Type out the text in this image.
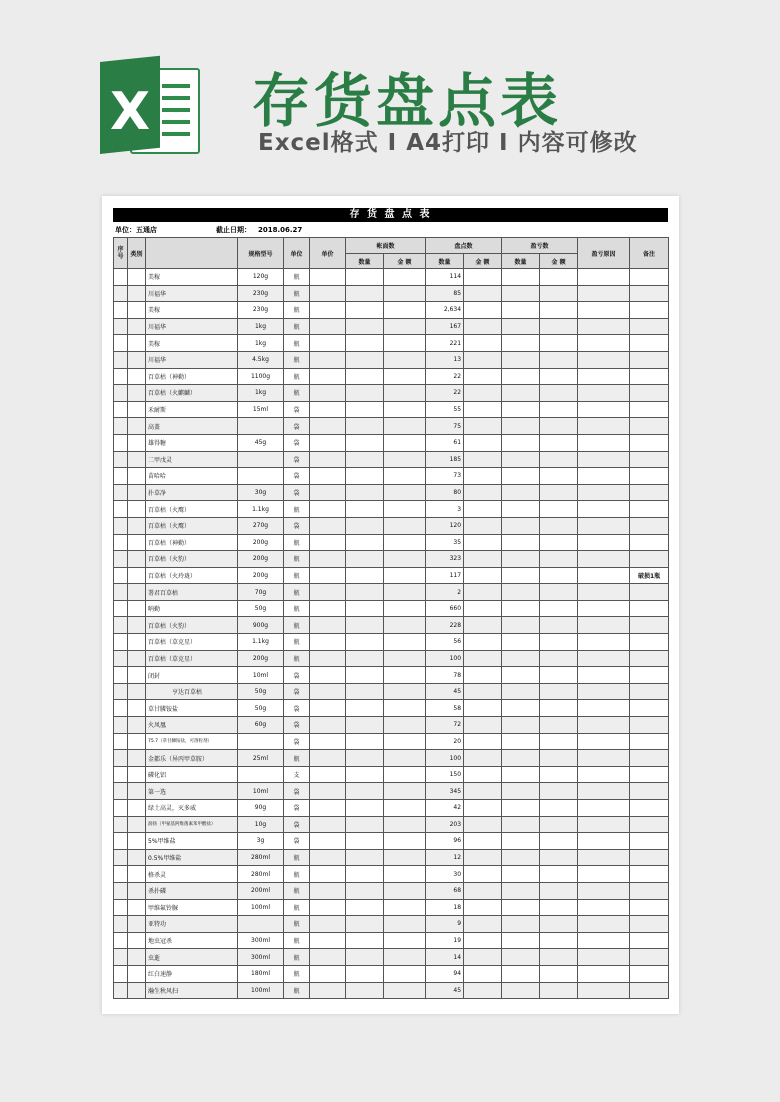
X 存货盘点表
Excel格式 I A4打印 I 内容可修改
存 货 盘 点 表
单位：五通店	截止日期： 2018.06.27
序号	类别		规格型号	单位	单价	帐面数		盘点数		盈亏数		盈亏原因	备注
						数量	金 额	数量	金 额	数量	金 额		
		美稼	120g	瓶				114					
		川福华	230g	瓶				85					
		美稼	230g	瓶				2,634					
		川福华	1kg	瓶				167					
		美稼	1kg	瓶				221					
		川福华	4.5kg	瓶				13					
		百草枯（神勤）	1100g	瓶				22					
		百草枯（火麒麟）	1kg	瓶				22					
		禾耐斯	15ml	袋				55					
		高盖		袋				75					
		雄得糖	45g	袋				61					
		二甲戊灵		袋				185					
		苗哈哈		袋				73					
		扑草净	30g	袋				80					
		百草枯（火鹰）	1.1kg	瓶				3					
		百草枯（火鹰）	270g	袋				120					
		百草枯（神勤）	200g	瓶				35					
		百草枯（火豹）	200g	瓶				323					
		百草枯（火玲珑）	200g	瓶				117					破损1瓶
		署君百草枯	70g	瓶				2					
		呐勤	50g	瓶				660					
		百草枯（火豹）	900g	瓶				228					
		百草枯（草克星）	1.1kg	瓶				56					
		百草枯（草克星）	200g	瓶				100					
		闭封	10ml	袋				78					
		亨达百草枯	50g	袋				45					
		草甘膦铵盐	50g	袋				58					
		火凤凰	60g	袋				72					
		75.7（草甘膦铵盐，可溶粒剂）		袋				20					
		金都乐（异丙甲草胺）	25ml	瓶				100					
		磷化铝		支				150					
		第一选	10ml	袋				345					
		绿土高灵，灭多威	90g	袋				42					
		润扬（甲氨基阿维菌素苯甲酸盐）	10g	袋				203					
		5%甲维盐	3g	袋				96					
		0.5%甲维盐	280ml	瓶				12					
		格杀灵	280ml	瓶				30					
		杀扑磷	200ml	瓶				68					
		甲维氟铃脲	100ml	瓶				18					
		亚特功		瓶				9					
		地虫冠杀	300ml	瓶				19					
		虫逝	300ml	瓶				14					
		红白速静	180ml	瓶				94					
		瀚生秋风扫	100ml	瓶				45					
